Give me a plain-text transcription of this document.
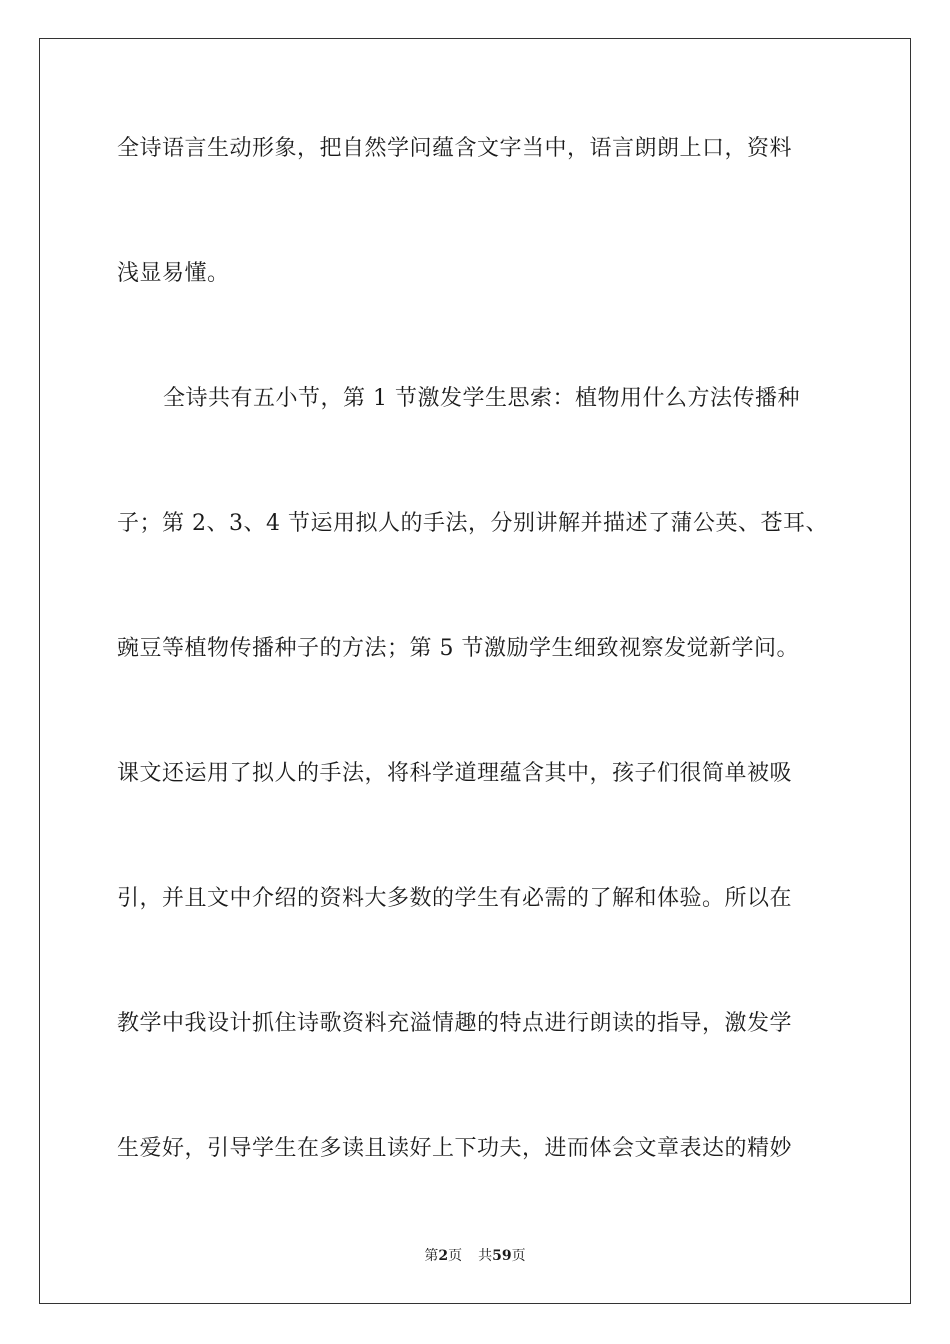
全诗语言生动形象，把自然学问蕴含文字当中，语言朗朗上口，资料
浅显易懂。
全诗共有五小节，第 1 节激发学生思索：植物用什么方法传播种
子；第 2、3、4 节运用拟人的手法，分别讲解并描述了蒲公英、苍耳、
豌豆等植物传播种子的方法；第 5 节激励学生细致视察发觉新学问。
课文还运用了拟人的手法，将科学道理蕴含其中，孩子们很简单被吸
引，并且文中介绍的资料大多数的学生有必需的了解和体验。所以在
教学中我设计抓住诗歌资料充溢情趣的特点进行朗读的指导，激发学
生爱好，引导学生在多读且读好上下功夫，进而体会文章表达的精妙
第2页 共59页
